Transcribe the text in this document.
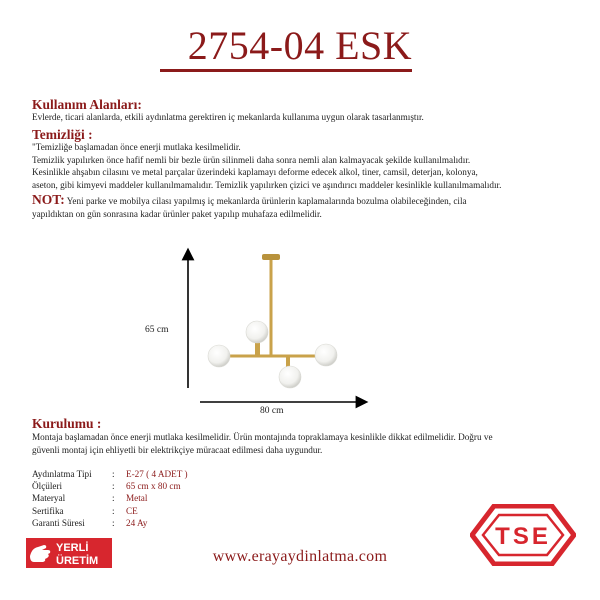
2754-04 ESK
Kullanım Alanları:

Evlerde, ticari alanlarda, etkili aydınlatma gerektiren iç mekanlarda kullanıma uygun olarak tasarlanmıştır.

Temizliği :

"Temizliğe başlamadan önce enerji mutlaka kesilmelidir.

Temizlik yapılırken önce hafif nemli bir bezle ürün silinmeli daha sonra nemli alan kalmayacak şekilde kullanılmalıdır.

Kesinlikle ahşabın cilasını ve metal parçalar üzerindeki kaplamayı deforme edecek alkol, tiner, camsil, deterjan, kolonya,

aseton, gibi kimyevi maddeler kullanılmamalıdır. Temizlik yapılırken çizici ve aşındırıcı maddeler kesinlikle kullanılmamalıdır.

NOT: Yeni parke ve mobilya cilası yapılmış iç mekanlarda ürünlerin kaplamalarında bozulma olabileceğinden, cila

yapıldıktan on gün sonrasına kadar ürünler paket yapılıp muhafaza edilmelidir.

65 cm
80 cm
Kurulumu :

Montaja başlamadan önce enerji mutlaka kesilmelidir. Ürün montajında topraklamaya kesinlikle dikkat edilmelidir. Doğru ve

güvenli montaj için ehliyetli bir elektrikçiye müracaat edilmesi daha uygundur.

Aydınlatma Tipi	:	E-27 ( 4 ADET )
Ölçüleri	:	65 cm x 80 cm
Materyal	:	Metal
Sertifika	:	CE
Garanti Süresi	:	24 Ay
YERLİ
ÜRETİM	www.erayaydinlatma.com
TSE
